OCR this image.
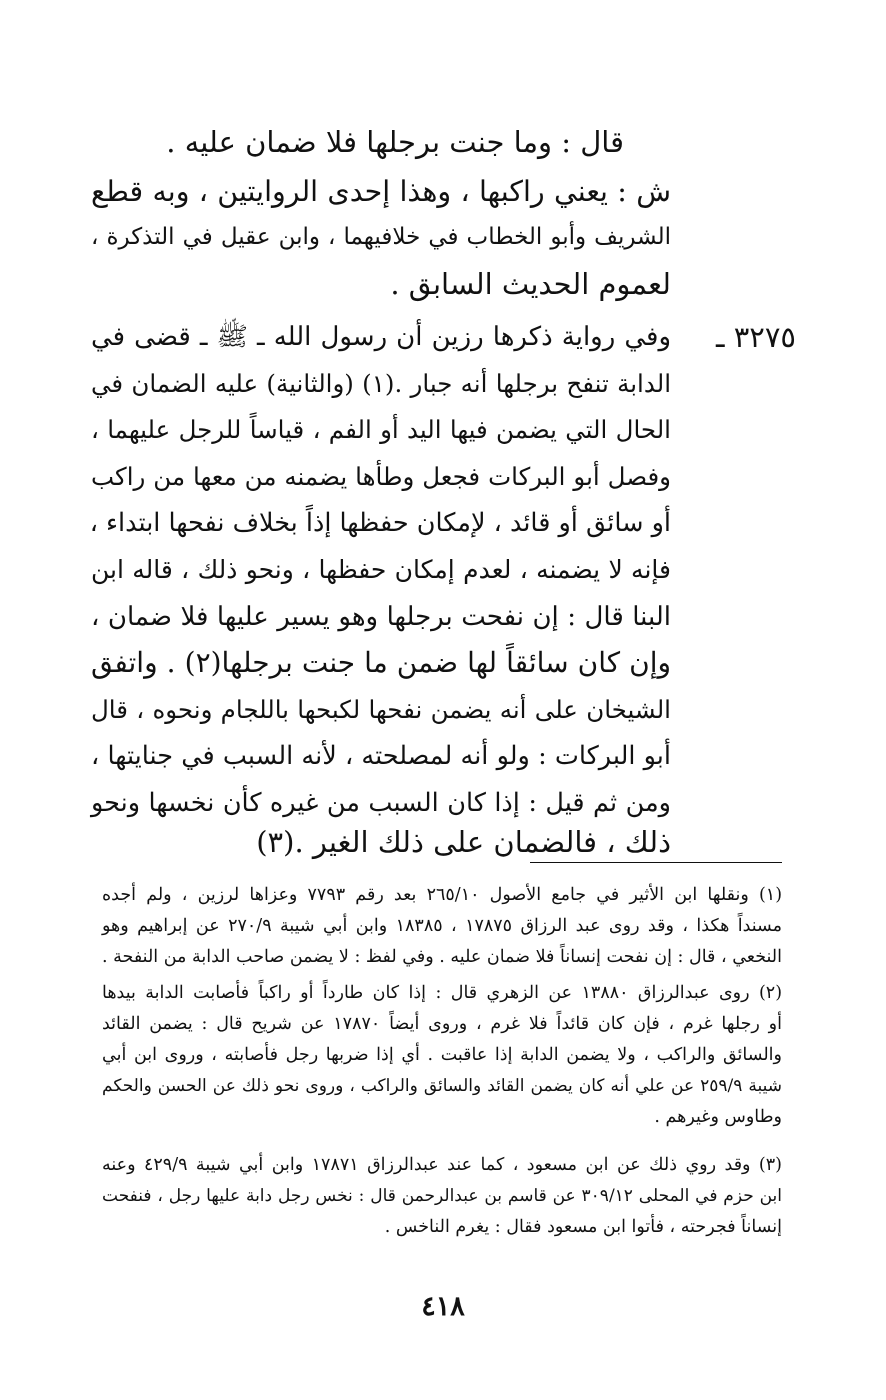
قال : وما جنت برجلها فلا ضمان عليه .
ش : يعني راكبها ، وهذا إحدى الروايتين ، وبه قطع
الشريف وأبو الخطاب في خلافيهما ، وابن عقيل في التذكرة ،
لعموم الحديث السابق .
٣٢٧٥ ـ
وفي رواية ذكرها رزين أن رسول الله ـ ﷺ ـ قضى في
الدابة تنفح برجلها أنه جبار .(١) (والثانية) عليه الضمان في
الحال التي يضمن فيها اليد أو الفم ، قياساً للرجل عليهما ،
وفصل أبو البركات فجعل وطأها يضمنه من معها من راكب
أو سائق أو قائد ، لإمكان حفظها إذاً بخلاف نفحها ابتداء ،
فإنه لا يضمنه ، لعدم إمكان حفظها ، ونحو ذلك ، قاله ابن
البنا قال : إن نفحت برجلها وهو يسير عليها فلا ضمان ،
وإن كان سائقاً لها ضمن ما جنت برجلها(٢) . واتفق
الشيخان على أنه يضمن نفحها لكبحها باللجام ونحوه ، قال
أبو البركات : ولو أنه لمصلحته ، لأنه السبب في جنايتها ،
ومن ثم قيل : إذا كان السبب من غيره كأن نخسها ونحو
ذلك ، فالضمان على ذلك الغير .(٣)
(١) ونقلها ابن الأثير في جامع الأصول ٢٦٥/١٠ بعد رقم ٧٧٩٣ وعزاها لرزين ، ولم أجده
مسنداً هكذا ، وقد روى عبد الرزاق ١٧٨٧٥ ، ١٨٣٨٥ وابن أبي شيبة ٢٧٠/٩ عن إبراهيم وهو
النخعي ، قال : إن نفحت إنساناً فلا ضمان عليه . وفي لفظ : لا يضمن صاحب الدابة من النفحة .
(٢) روى عبدالرزاق ١٣٨٨٠ عن الزهري قال : إذا كان طارداً أو راكباً فأصابت الدابة بيدها
أو رجلها غرم ، فإن كان قائداً فلا غرم ، وروى أيضاً ١٧٨٧٠ عن شريح قال : يضمن القائد
والسائق والراكب ، ولا يضمن الدابة إذا عاقبت . أي إذا ضربها رجل فأصابته ، وروى ابن أبي
شيبة ٢٥٩/٩ عن علي أنه كان يضمن القائد والسائق والراكب ، وروى نحو ذلك عن الحسن والحكم
وطاوس وغيرهم .
(٣) وقد روي ذلك عن ابن مسعود ، كما عند عبدالرزاق ١٧٨٧١ وابن أبي شيبة ٤٢٩/٩ وعنه
ابن حزم في المحلى ٣٠٩/١٢ عن قاسم بن عبدالرحمن قال : نخس رجل دابة عليها رجل ، فنفحت
إنساناً فجرحته ، فأتوا ابن مسعود فقال : يغرم الناخس .
٤١٨
